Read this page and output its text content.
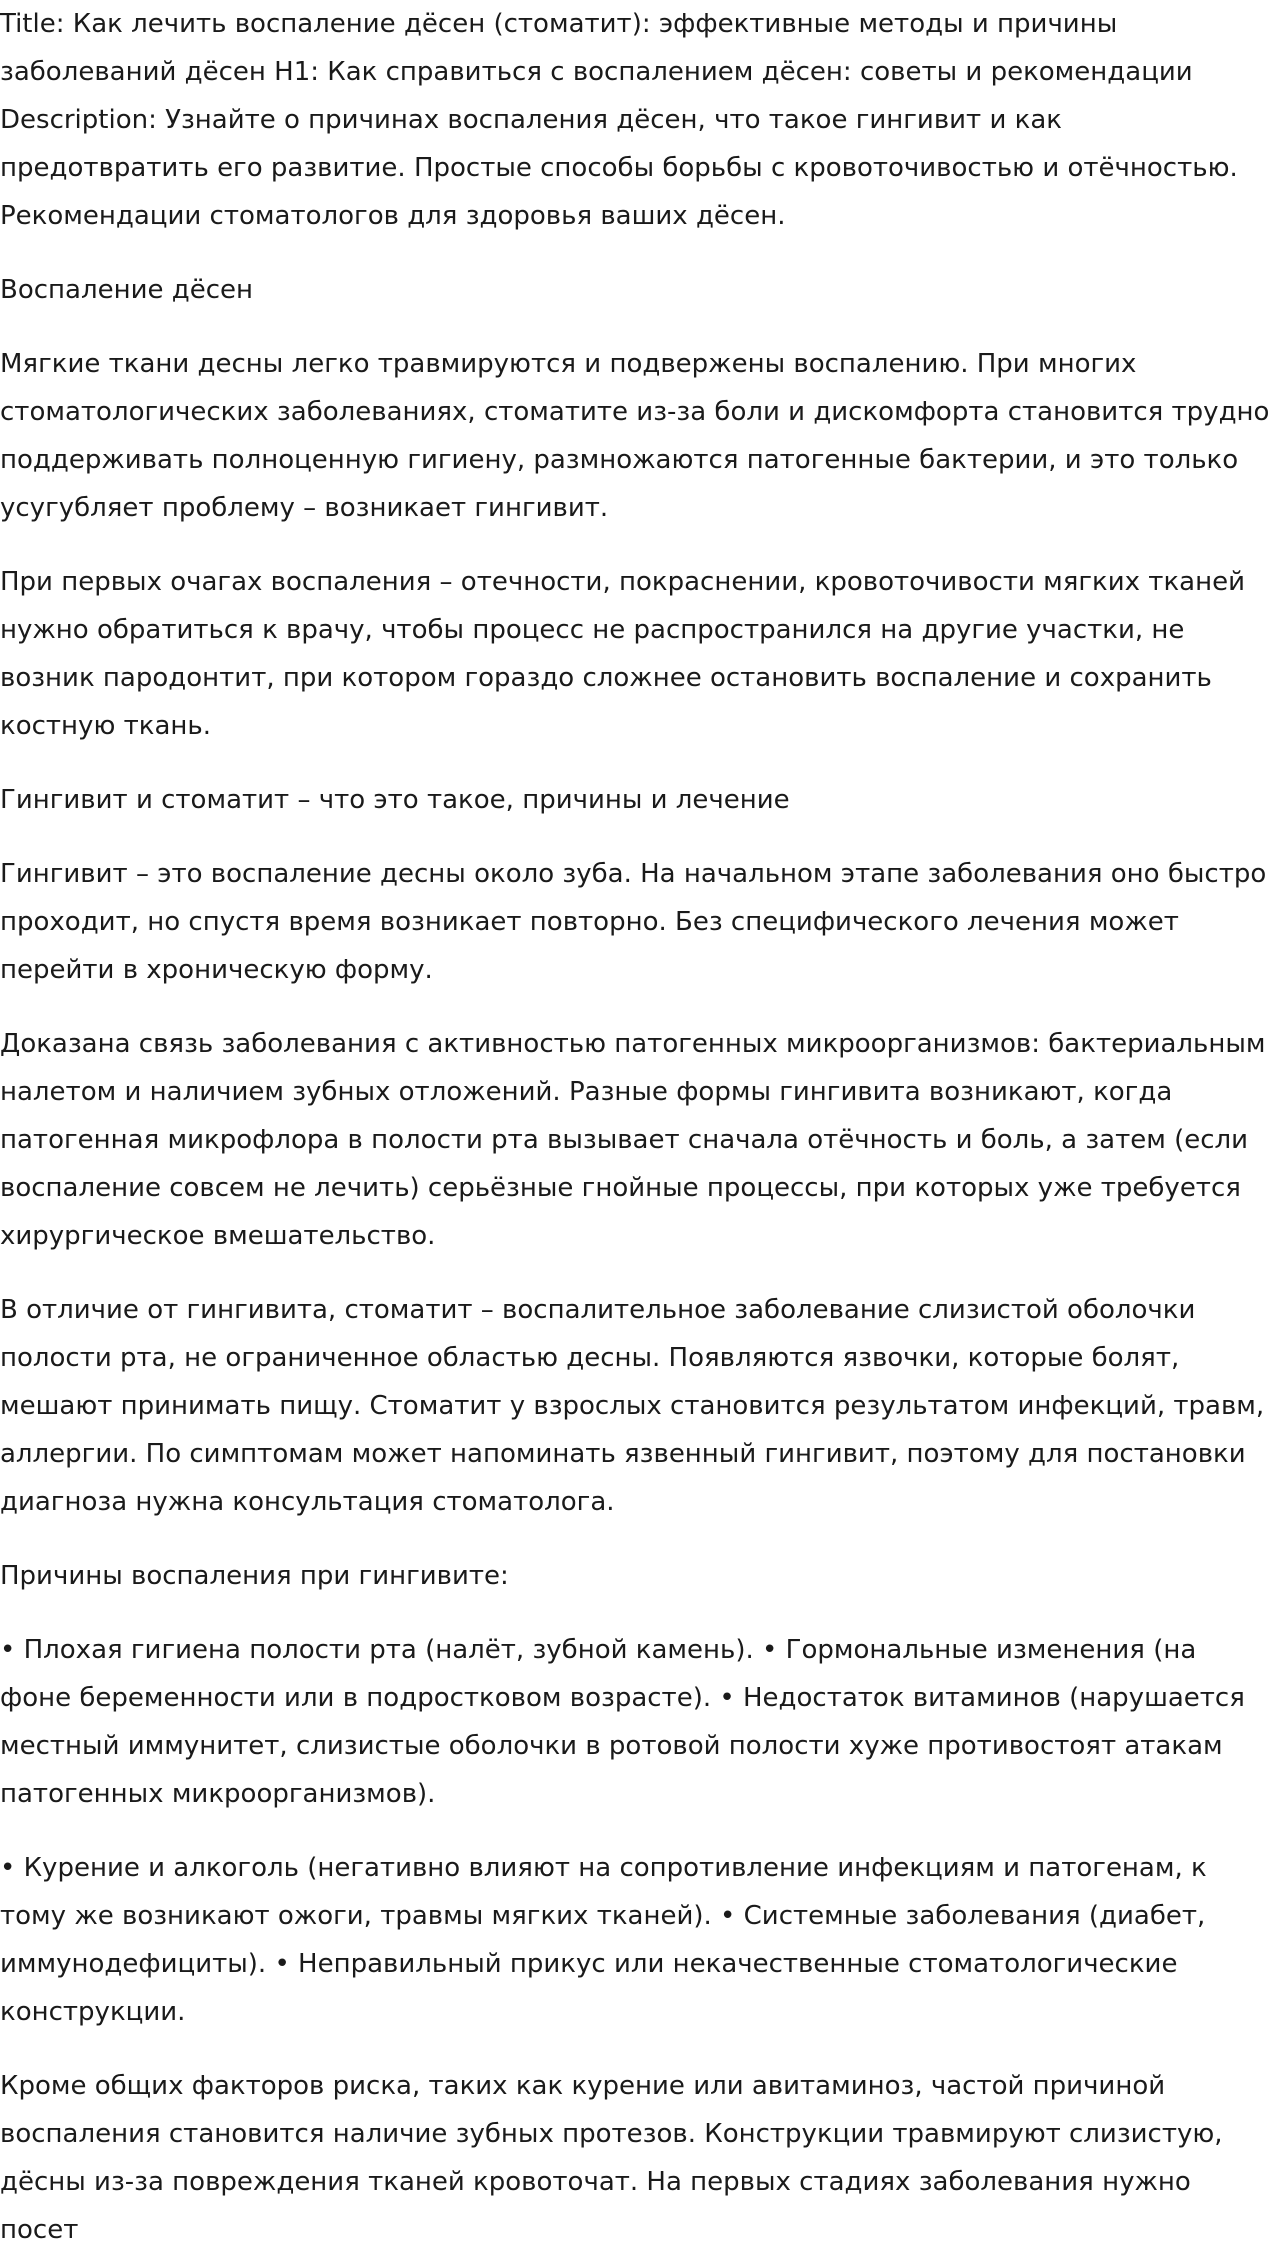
Title: Как лечить воспаление дёсен (стоматит): эффективные методы и причины заболеваний дёсен H1: Как справиться с воспалением дёсен: советы и рекомендации Description: Узнайте о причинах воспаления дёсен, что такое гингивит и как предотвратить его развитие. Простые способы борьбы с кровоточивостью и отёчностью. Рекомендации стоматологов для здоровья ваших дёсен.

Воспаление дёсен

Мягкие ткани десны легко травмируются и подвержены воспалению. При многих стоматологических заболеваниях, стоматите из-за боли и дискомфорта становится трудно поддерживать полноценную гигиену, размножаются патогенные бактерии, и это только усугубляет проблему – возникает гингивит.

При первых очагах воспаления – отечности, покраснении, кровоточивости мягких тканей нужно обратиться к врачу, чтобы процесс не распространился на другие участки, не возник пародонтит, при котором гораздо сложнее остановить воспаление и сохранить костную ткань.

Гингивит и стоматит – что это такое, причины и лечение

Гингивит – это воспаление десны около зуба. На начальном этапе заболевания оно быстро проходит, но спустя время возникает повторно. Без специфического лечения может перейти в хроническую форму.

Доказана связь заболевания с активностью патогенных микроорганизмов: бактериальным налетом и наличием зубных отложений. Разные формы гингивита возникают, когда патогенная микрофлора в полости рта вызывает сначала отёчность и боль, а затем (если воспаление совсем не лечить) серьёзные гнойные процессы, при которых уже требуется хирургическое вмешательство.

В отличие от гингивита, стоматит – воспалительное заболевание слизистой оболочки полости рта, не ограниченное областью десны. Появляются язвочки, которые болят, мешают принимать пищу. Стоматит у взрослых становится результатом инфекций, травм, аллергии. По симптомам может напоминать язвенный гингивит, поэтому для постановки диагноза нужна консультация стоматолога.

Причины воспаления при гингивите:

• Плохая гигиена полости рта (налёт, зубной камень). • Гормональные изменения (на фоне беременности или в подростковом возрасте). • Недостаток витаминов (нарушается местный иммунитет, слизистые оболочки в ротовой полости хуже противостоят атакам патогенных микроорганизмов).

• Курение и алкоголь (негативно влияют на сопротивление инфекциям и патогенам, к тому же возникают ожоги, травмы мягких тканей). • Системные заболевания (диабет, иммунодефициты). • Неправильный прикус или некачественные стоматологические конструкции.

Кроме общих факторов риска, таких как курение или авитаминоз, частой причиной воспаления становится наличие зубных протезов. Конструкции травмируют слизистую, дёсны из-за повреждения тканей кровоточат. На первых стадиях заболевания нужно посет
